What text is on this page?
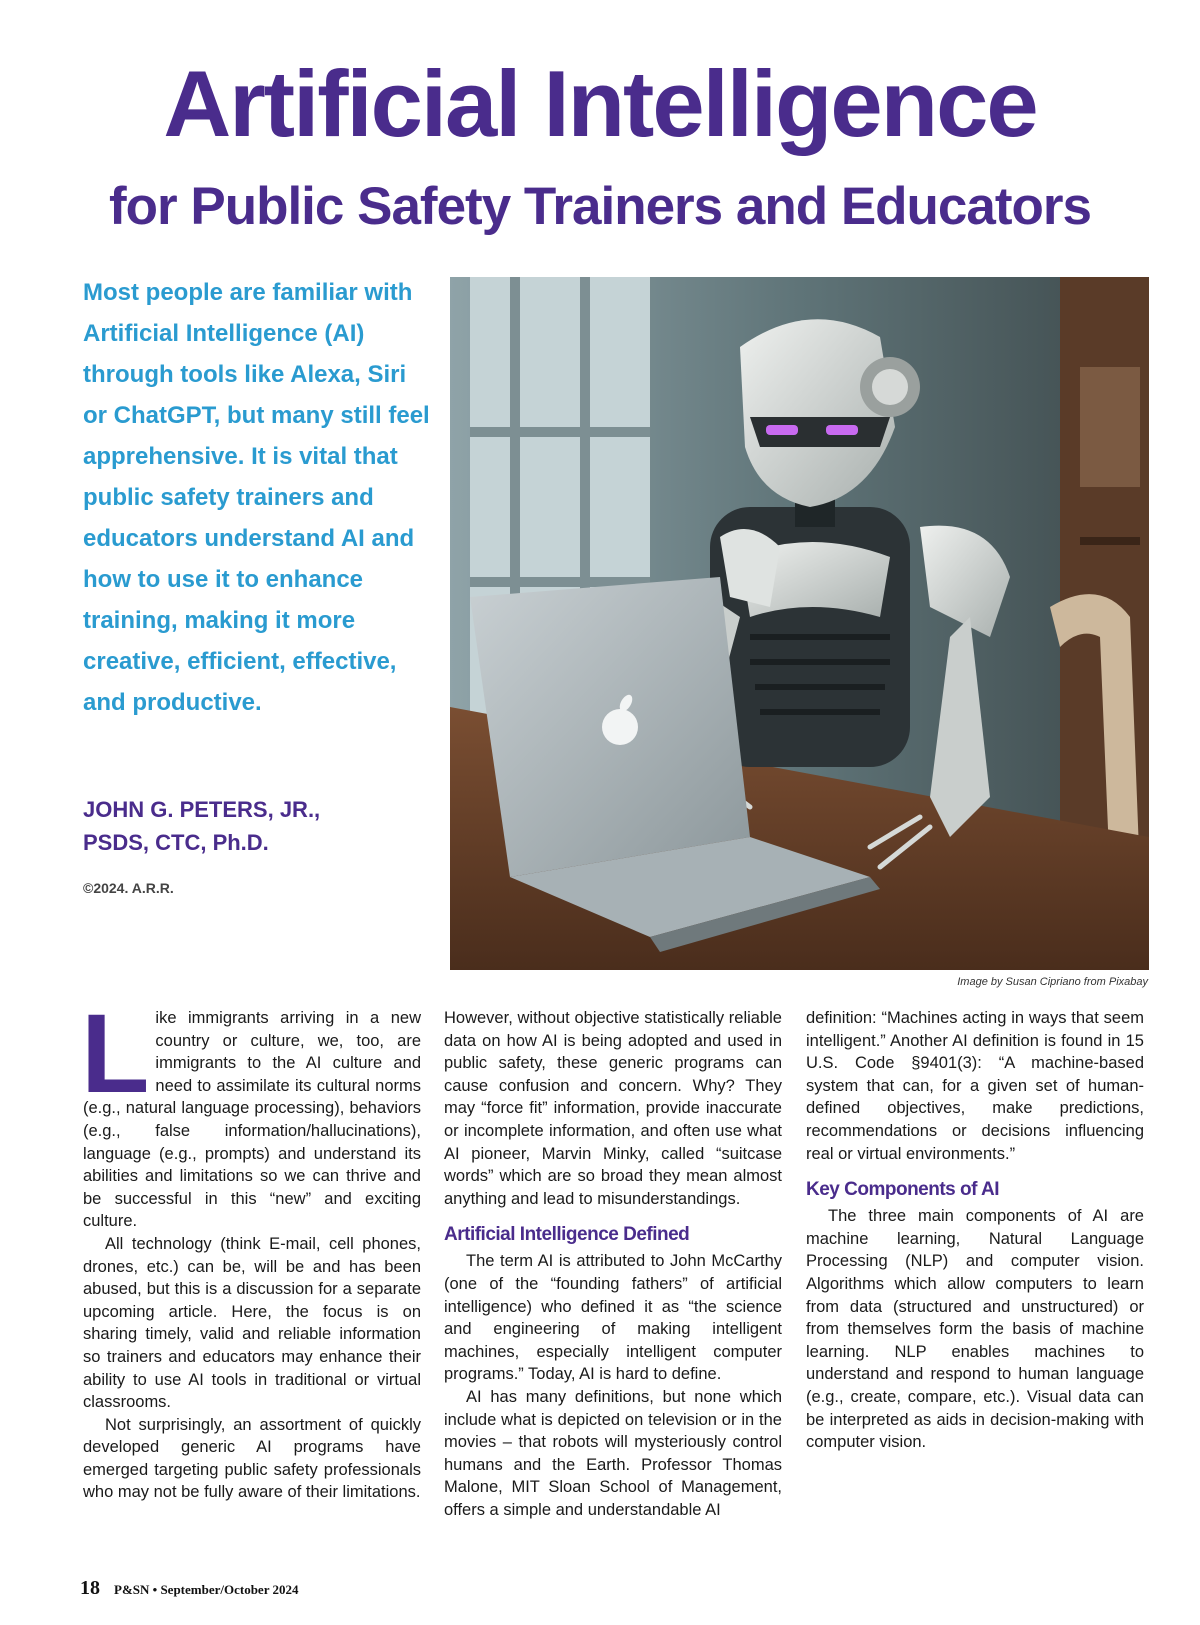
Artificial Intelligence
for Public Safety Trainers and Educators

Most people are familiar with Artificial Intelligence (AI) through tools like Alexa, Siri or ChatGPT, but many still feel apprehensive. It is vital that public safety trainers and educators understand AI and how to use it to enhance training, making it more creative, efficient, effective, and productive.

JOHN G. PETERS, JR.,
PSDS, CTC, Ph.D.
©2024. A.R.R.
Image by Susan Cipriano from Pixabay

Like immigrants arriving in a new country or culture, we, too, are immigrants to the AI culture and need to assimilate its cultural norms (e.g., natural language processing), behaviors (e.g., false information/hallucinations), language (e.g., prompts) and understand its abilities and limitations so we can thrive and be successful in this “new” and exciting culture.

All technology (think E-mail, cell phones, drones, etc.) can be, will be and has been abused, but this is a discussion for a separate upcoming article. Here, the focus is on sharing timely, valid and reliable information so trainers and educators may enhance their ability to use AI tools in traditional or virtual classrooms.

Not surprisingly, an assortment of quickly developed generic AI programs have emerged targeting public safety professionals who may not be fully aware of their limitations.

However, without objective statistically reliable data on how AI is being adopted and used in public safety, these generic programs can cause confusion and concern. Why? They may “force fit” information, provide inaccurate or incomplete information, and often use what AI pioneer, Marvin Minky, called “suitcase words” which are so broad they mean almost anything and lead to misunderstandings.

Artificial Intelligence Defined

The term AI is attributed to John McCarthy (one of the “founding fathers” of artificial intelligence) who defined it as “the science and engineering of making intelligent machines, especially intelligent computer programs.” Today, AI is hard to define.

AI has many definitions, but none which include what is depicted on television or in the movies – that robots will mysteriously control humans and the Earth. Professor Thomas Malone, MIT Sloan School of Management, offers a simple and understandable AI

definition: “Machines acting in ways that seem intelligent.” Another AI definition is found in 15 U.S. Code §9401(3): “A machine-based system that can, for a given set of human-defined objectives, make predictions, recommendations or decisions influencing real or virtual environments.”

Key Components of AI

The three main components of AI are machine learning, Natural Language Processing (NLP) and computer vision. Algorithms which allow computers to learn from data (structured and unstructured) or from themselves form the basis of machine learning. NLP enables machines to understand and respond to human language (e.g., create, compare, etc.). Visual data can be interpreted as aids in decision-making with computer vision.

18 P&SN • September/October 2024
